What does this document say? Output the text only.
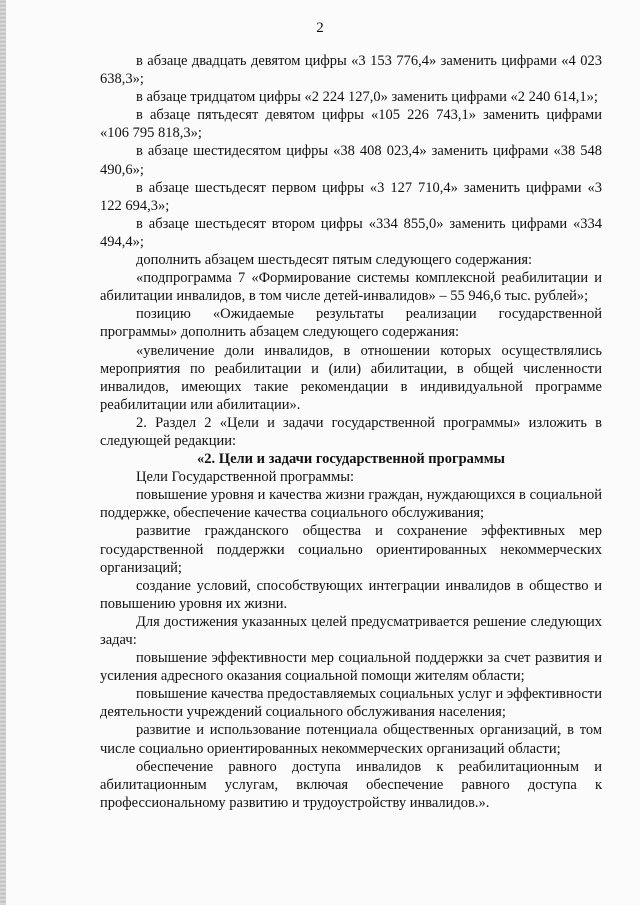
2

в абзаце двадцать девятом цифры «3 153 776,4» заменить цифрами «4 023 638,3»;

в абзаце тридцатом цифры «2 224 127,0» заменить цифрами «2 240 614,1»;

в абзаце пятьдесят девятом цифры «105 226 743,1» заменить цифрами «106 795 818,3»;

в абзаце шестидесятом цифры «38 408 023,4» заменить цифрами «38 548 490,6»;

в абзаце шестьдесят первом цифры «3 127 710,4» заменить цифрами «3 122 694,3»;

в абзаце шестьдесят втором цифры «334 855,0» заменить цифрами «334 494,4»;

дополнить абзацем шестьдесят пятым следующего содержания:

«подпрограмма 7 «Формирование системы комплексной реабилитации и абилитации инвалидов, в том числе детей-инвалидов» – 55 946,6 тыс. рублей»;

позицию «Ожидаемые результаты реализации государственной программы» дополнить абзацем следующего содержания:

«увеличение доли инвалидов, в отношении которых осуществлялись мероприятия по реабилитации и (или) абилитации, в общей численности инвалидов, имеющих такие рекомендации в индивидуальной программе реабилитации или абилитации».

2. Раздел 2 «Цели и задачи государственной программы» изложить в следующей редакции:

«2. Цели и задачи государственной программы

Цели Государственной программы:

повышение уровня и качества жизни граждан, нуждающихся в социальной поддержке, обеспечение качества социального обслуживания;

развитие гражданского общества и сохранение эффективных мер государственной поддержки социально ориентированных некоммерческих организаций;

создание условий, способствующих интеграции инвалидов в общество и повышению уровня их жизни.

Для достижения указанных целей предусматривается решение следующих задач:

повышение эффективности мер социальной поддержки за счет развития и усиления адресного оказания социальной помощи жителям области;

повышение качества предоставляемых социальных услуг и эффективности деятельности учреждений социального обслуживания населения;

развитие и использование потенциала общественных организаций, в том числе социально ориентированных некоммерческих организаций области;

обеспечение равного доступа инвалидов к реабилитационным и абилитационным услугам, включая обеспечение равного доступа к профессиональному развитию и трудоустройству инвалидов.».
